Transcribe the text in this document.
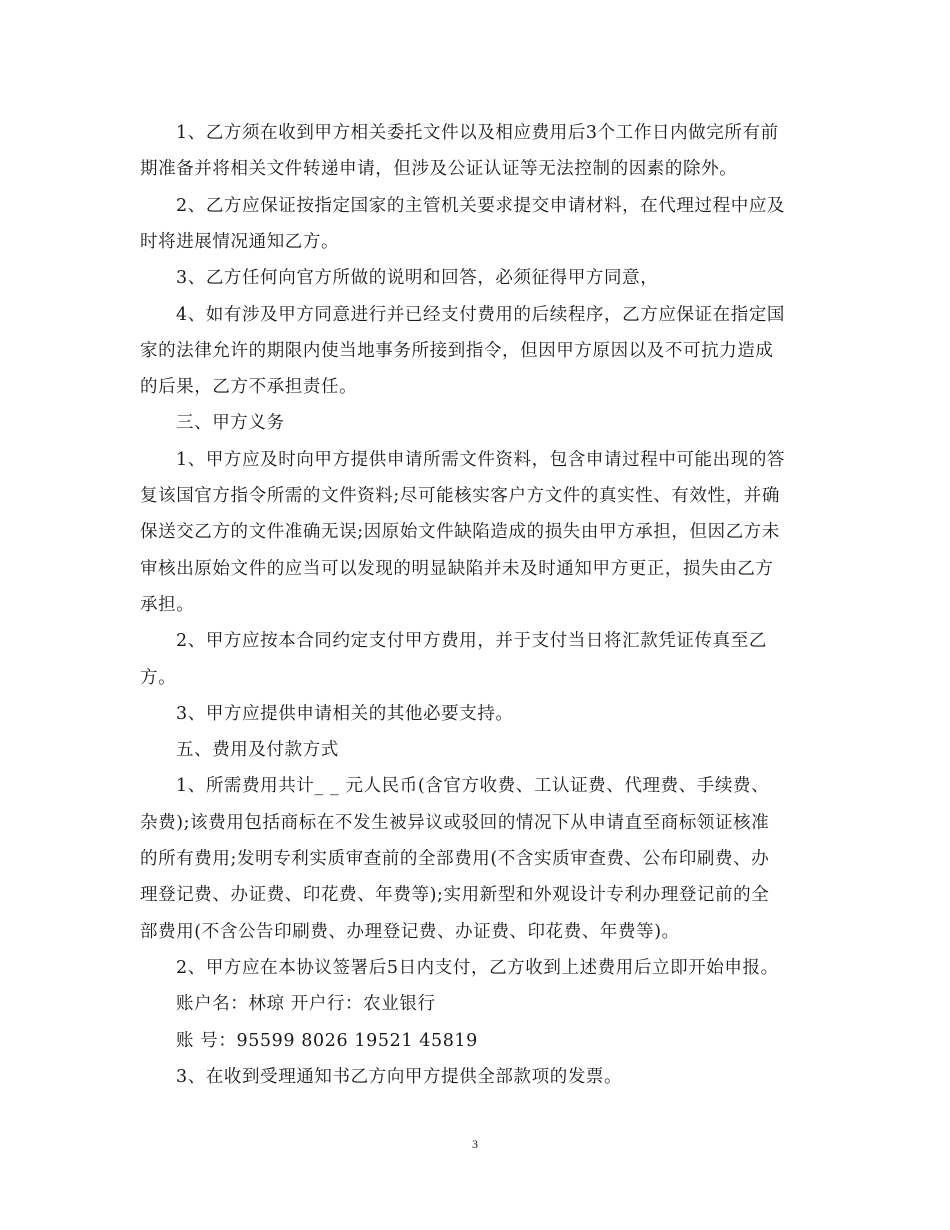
1、乙方须在收到甲方相关委托文件以及相应费用后3个工作日内做完所有前
期准备并将相关文件转递申请，但涉及公证认证等无法控制的因素的除外。
2、乙方应保证按指定国家的主管机关要求提交申请材料，在代理过程中应及
时将进展情况通知乙方。
3、乙方任何向官方所做的说明和回答，必须征得甲方同意，
4、如有涉及甲方同意进行并已经支付费用的后续程序，乙方应保证在指定国
家的法律允许的期限内使当地事务所接到指令，但因甲方原因以及不可抗力造成
的后果，乙方不承担责任。
三、甲方义务
1、甲方应及时向甲方提供申请所需文件资料，包含申请过程中可能出现的答
复该国官方指令所需的文件资料;尽可能核实客户方文件的真实性、有效性，并确
保送交乙方的文件准确无误;因原始文件缺陷造成的损失由甲方承担，但因乙方未
审核出原始文件的应当可以发现的明显缺陷并未及时通知甲方更正，损失由乙方
承担。
2、甲方应按本合同约定支付甲方费用，并于支付当日将汇款凭证传真至乙
方。
3、甲方应提供申请相关的其他必要支持。
五、费用及付款方式
1、所需费用共计_ _ 元人民币(含官方收费、工认证费、代理费、手续费、
杂费);该费用包括商标在不发生被异议或驳回的情况下从申请直至商标领证核准
的所有费用;发明专利实质审查前的全部费用(不含实质审查费、公布印刷费、办
理登记费、办证费、印花费、年费等);实用新型和外观设计专利办理登记前的全
部费用(不含公告印刷费、办理登记费、办证费、印花费、年费等)。
2、甲方应在本协议签署后5日内支付，乙方收到上述费用后立即开始申报。
账户名：林琼 开户行：农业银行
账 号：95599 8026 19521 45819
3、在收到受理通知书乙方向甲方提供全部款项的发票。
3
